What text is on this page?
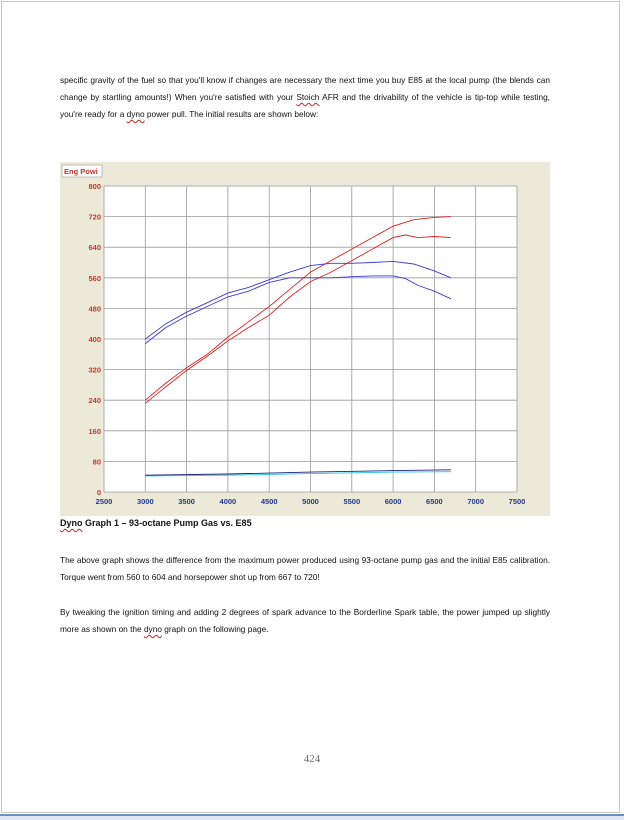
specific gravity of the fuel so that you'll know if changes are necessary the next time you buy E85 at the local pump (the blends can change by startling amounts!) When you're satisfied with your Stoich AFR and the drivability of the vehicle is tip-top while testing, you're ready for a dyno power pull. The initial results are shown below:
2500	3000	3500	4000	4500	5000	5500	6000	6500	7000	7500
0
80
160
240
320
400
480
560
640
720
800
Eng Powi
Dyno Graph 1 – 93-octane Pump Gas vs. E85
The above graph shows the difference from the maximum power produced using 93-octane pump gas and the initial E85 calibration. Torque went from 560 to 604 and horsepower shot up from 667 to 720!
By tweaking the ignition timing and adding 2 degrees of spark advance to the Borderline Spark table, the power jumped up slightly more as shown on the dyno graph on the following page.
424
